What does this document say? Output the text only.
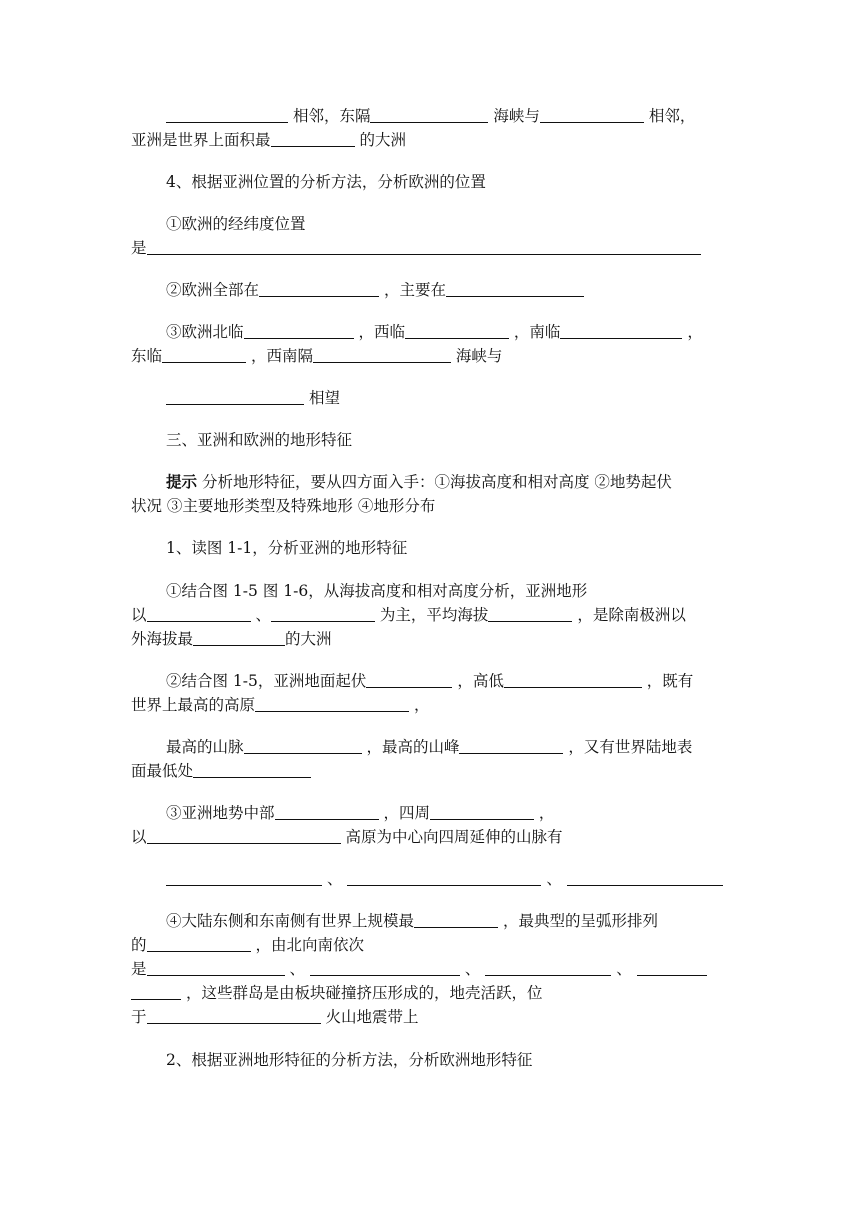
相邻，东隔	海峡与	相邻，
亚洲是世界上面积最	的大洲
4、根据亚洲位置的分析方法，分析欧洲的位置
①欧洲的经纬度位置
是
②欧洲全部在	，主要在
③欧洲北临	，西临	，南临	，
东临	，西南隔	海峡与
相望
三、亚洲和欧洲的地形特征
提示 分析地形特征，要从四方面入手：①海拔高度和相对高度 ②地势起伏
状况 ③主要地形类型及特殊地形 ④地形分布
1、读图 1-1，分析亚洲的地形特征
①结合图 1-5 图 1-6，从海拔高度和相对高度分析，亚洲地形
以	、	为主，平均海拔	，是除南极洲以
外海拔最	的大洲
②结合图 1-5，亚洲地面起伏	，高低	，既有
世界上最高的高原	，
最高的山脉	，最高的山峰	，又有世界陆地表
面最低处
③亚洲地势中部	，四周	，
以	高原为中心向四周延伸的山脉有
、	、
④大陆东侧和东南侧有世界上规模最	，最典型的呈弧形排列
的	，由北向南依次
是	、	、	、
，这些群岛是由板块碰撞挤压形成的，地壳活跃，位
于	火山地震带上
2、根据亚洲地形特征的分析方法，分析欧洲地形特征
